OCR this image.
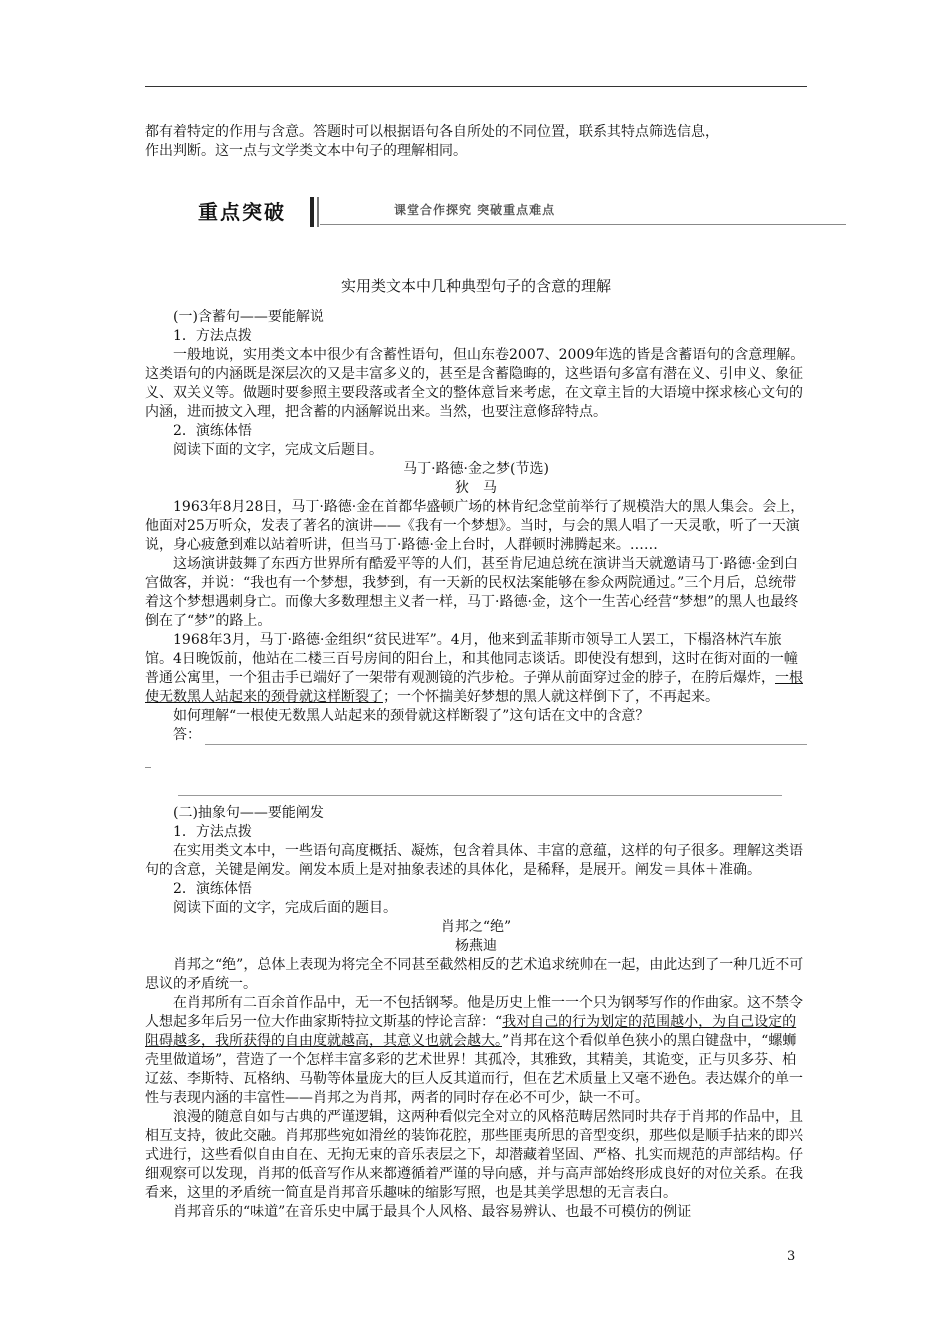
都有着特定的作用与含意。答题时可以根据语句各自所处的不同位置，联系其特点筛选信息，

作出判断。这一点与文学类文本中句子的理解相同。

重点突破	课堂合作探究 突破重点难点
实用类文本中几种典型句子的含意的理解

(一)含蓄句——要能解说

1．方法点拨

一般地说，实用类文本中很少有含蓄性语句，但山东卷2007、2009年选的皆是含蓄语句的含意理解。这类语句的内涵既是深层次的又是丰富多义的，甚至是含蓄隐晦的，这些语句多富有潜在义、引申义、象征义、双关义等。做题时要参照主要段落或者全文的整体意旨来考虑，在文章主旨的大语境中探求核心文句的内涵，进而披文入理，把含蓄的内涵解说出来。当然，也要注意修辞特点。

2．演练体悟

阅读下面的文字，完成文后题目。

马丁·路德·金之梦(节选)

狄　马

1963年8月28日，马丁·路德·金在首都华盛顿广场的林肯纪念堂前举行了规模浩大的黑人集会。会上，他面对25万听众，发表了著名的演讲——《我有一个梦想》。当时，与会的黑人唱了一天灵歌，听了一天演说，身心疲惫到难以站着听讲，但当马丁·路德·金上台时，人群顿时沸腾起来。……

这场演讲鼓舞了东西方世界所有酷爱平等的人们，甚至肯尼迪总统在演讲当天就邀请马丁·路德·金到白宫做客，并说：“我也有一个梦想，我梦到，有一天新的民权法案能够在参众两院通过。”三个月后，总统带着这个梦想遇刺身亡。而像大多数理想主义者一样，马丁·路德·金，这个一生苦心经营“梦想”的黑人也最终倒在了“梦”的路上。

1968年3月，马丁·路德·金组织“贫民进军”。4月，他来到孟菲斯市领导工人罢工，下榻洛林汽车旅馆。4日晚饭前，他站在二楼三百号房间的阳台上，和其他同志谈话。即使没有想到，这时在街对面的一幢普通公寓里，一个狙击手已端好了一架带有观测镜的汽步枪。子弹从前面穿过金的脖子，在胯后爆炸，一根使无数黑人站起来的颈骨就这样断裂了；一个怀揣美好梦想的黑人就这样倒下了，不再起来。

如何理解“一根使无数黑人站起来的颈骨就这样断裂了”这句话在文中的含意？

答：

_

(二)抽象句——要能阐发

1．方法点拨

在实用类文本中，一些语句高度概括、凝炼，包含着具体、丰富的意蕴，这样的句子很多。理解这类语句的含意，关键是阐发。阐发本质上是对抽象表述的具体化，是稀释，是展开。阐发＝具体＋准确。

2．演练体悟

阅读下面的文字，完成后面的题目。

肖邦之“绝”

杨燕迪

肖邦之“绝”，总体上表现为将完全不同甚至截然相反的艺术追求统帅在一起，由此达到了一种几近不可思议的矛盾统一。

在肖邦所有二百余首作品中，无一不包括钢琴。他是历史上惟一一个只为钢琴写作的作曲家。这不禁令人想起多年后另一位大作曲家斯特拉文斯基的悖论言辞：“我对自己的行为划定的范围越小，为自己设定的阻碍越多，我所获得的自由度就越高，其意义也就会越大。”肖邦在这个看似单色狭小的黑白键盘中，“螺蛳壳里做道场”，营造了一个怎样丰富多彩的艺术世界！其孤冷，其雅致，其精美，其诡变，正与贝多芬、柏辽兹、李斯特、瓦格纳、马勒等体量庞大的巨人反其道而行，但在艺术质量上又毫不逊色。表达媒介的单一性与表现内涵的丰富性——肖邦之为肖邦，两者的同时存在必不可少，缺一不可。

浪漫的随意自如与古典的严谨逻辑，这两种看似完全对立的风格范畴居然同时共存于肖邦的作品中，且相互支持，彼此交融。肖邦那些宛如滑丝的装饰花腔，那些匪夷所思的音型变织，那些似是顺手拈来的即兴式进行，这些看似自由自在、无拘无束的音乐表层之下，却潜藏着坚固、严格、扎实而规范的声部结构。仔细观察可以发现，肖邦的低音写作从来都遵循着严谨的导向感，并与高声部始终形成良好的对位关系。在我看来，这里的矛盾统一简直是肖邦音乐趣味的缩影写照，也是其美学思想的无言表白。

肖邦音乐的“味道”在音乐史中属于最具个人风格、最容易辨认、也最不可模仿的例证

3
